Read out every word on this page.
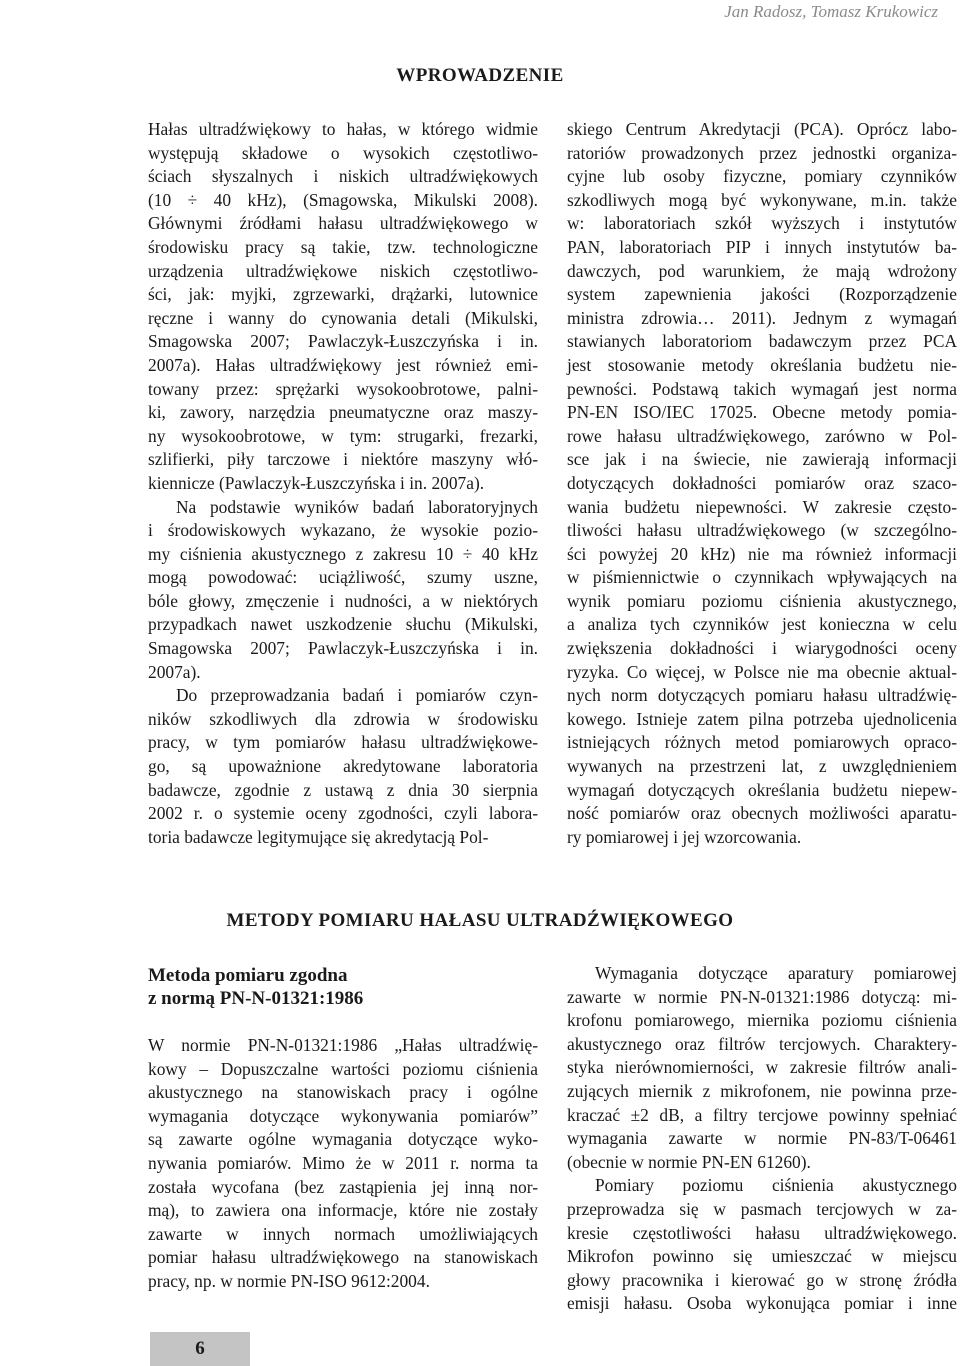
Jan Radosz, Tomasz Krukowicz
WPROWADZENIE

Hałas ultradźwiękowy to hałas, w którego widmie
występują składowe o wysokich częstotliwo-
ściach słyszalnych i niskich ultradźwiękowych
(10 ÷ 40 kHz), (Smagowska, Mikulski 2008).
Głównymi źródłami hałasu ultradźwiękowego w
środowisku pracy są takie, tzw. technologiczne
urządzenia ultradźwiękowe niskich częstotliwo-
ści, jak: myjki, zgrzewarki, drążarki, lutownice
ręczne i wanny do cynowania detali (Mikulski,
Smagowska 2007; Pawlaczyk-Łuszczyńska i in.
2007a). Hałas ultradźwiękowy jest również emi-
towany przez: sprężarki wysokoobrotowe, palni-
ki, zawory, narzędzia pneumatyczne oraz maszy-
ny wysokoobrotowe, w tym: strugarki, frezarki,
szlifierki, piły tarczowe i niektóre maszyny włó-
kiennicze (Pawlaczyk-Łuszczyńska i in. 2007a).

Na podstawie wyników badań laboratoryjnych
i środowiskowych wykazano, że wysokie pozio-
my ciśnienia akustycznego z zakresu 10 ÷ 40 kHz
mogą powodować: uciążliwość, szumy uszne,
bóle głowy, zmęczenie i nudności, a w niektórych
przypadkach nawet uszkodzenie słuchu (Mikulski,
Smagowska 2007; Pawlaczyk-Łuszczyńska i in.
2007a).

Do przeprowadzania badań i pomiarów czyn-
ników szkodliwych dla zdrowia w środowisku
pracy, w tym pomiarów hałasu ultradźwiękowe-
go, są upoważnione akredytowane laboratoria
badawcze, zgodnie z ustawą z dnia 30 sierpnia
2002 r. o systemie oceny zgodności, czyli labora-
toria badawcze legitymujące się akredytacją Pol-

skiego Centrum Akredytacji (PCA). Oprócz labo-
ratoriów prowadzonych przez jednostki organiza-
cyjne lub osoby fizyczne, pomiary czynników
szkodliwych mogą być wykonywane, m.in. także
w: laboratoriach szkół wyższych i instytutów
PAN, laboratoriach PIP i innych instytutów ba-
dawczych, pod warunkiem, że mają wdrożony
system zapewnienia jakości (Rozporządzenie
ministra zdrowia… 2011). Jednym z wymagań
stawianych laboratoriom badawczym przez PCA
jest stosowanie metody określania budżetu nie-
pewności. Podstawą takich wymagań jest norma
PN-EN ISO/IEC 17025. Obecne metody pomia-
rowe hałasu ultradźwiękowego, zarówno w Pol-
sce jak i na świecie, nie zawierają informacji
dotyczących dokładności pomiarów oraz szaco-
wania budżetu niepewności. W zakresie często-
tliwości hałasu ultradźwiękowego (w szczególno-
ści powyżej 20 kHz) nie ma również informacji
w piśmiennictwie o czynnikach wpływających na
wynik pomiaru poziomu ciśnienia akustycznego,
a analiza tych czynników jest konieczna w celu
zwiększenia dokładności i wiarygodności oceny
ryzyka. Co więcej, w Polsce nie ma obecnie aktual-
nych norm dotyczących pomiaru hałasu ultradźwię-
kowego. Istnieje zatem pilna potrzeba ujednolicenia
istniejących różnych metod pomiarowych opraco-
wywanych na przestrzeni lat, z uwzględnieniem
wymagań dotyczących określania budżetu niepew-
ność pomiarów oraz obecnych możliwości aparatu-
ry pomiarowej i jej wzorcowania.

METODY POMIARU HAŁASU ULTRADŹWIĘKOWEGO
Metoda pomiaru zgodna
z normą PN-N-01321:1986

W normie PN-N-01321:1986 „Hałas ultradźwię-
kowy – Dopuszczalne wartości poziomu ciśnienia
akustycznego na stanowiskach pracy i ogólne
wymagania dotyczące wykonywania pomiarów”
są zawarte ogólne wymagania dotyczące wyko-
nywania pomiarów. Mimo że w 2011 r. norma ta
została wycofana (bez zastąpienia jej inną nor-
mą), to zawiera ona informacje, które nie zostały
zawarte w innych normach umożliwiających
pomiar hałasu ultradźwiękowego na stanowiskach
pracy, np. w normie PN-ISO 9612:2004.

Wymagania dotyczące aparatury pomiarowej
zawarte w normie PN-N-01321:1986 dotyczą: mi-
krofonu pomiarowego, miernika poziomu ciśnienia
akustycznego oraz filtrów tercjowych. Charaktery-
styka nierównomierności, w zakresie filtrów anali-
zujących miernik z mikrofonem, nie powinna prze-
kraczać ±2 dB, a filtry tercjowe powinny spełniać
wymagania zawarte w normie PN-83/T-06461
(obecnie w normie PN-EN 61260).

Pomiary poziomu ciśnienia akustycznego
przeprowadza się w pasmach tercjowych w za-
kresie częstotliwości hałasu ultradźwiękowego.
Mikrofon powinno się umieszczać w miejscu
głowy pracownika i kierować go w stronę źródła
emisji hałasu. Osoba wykonująca pomiar i inne

6
